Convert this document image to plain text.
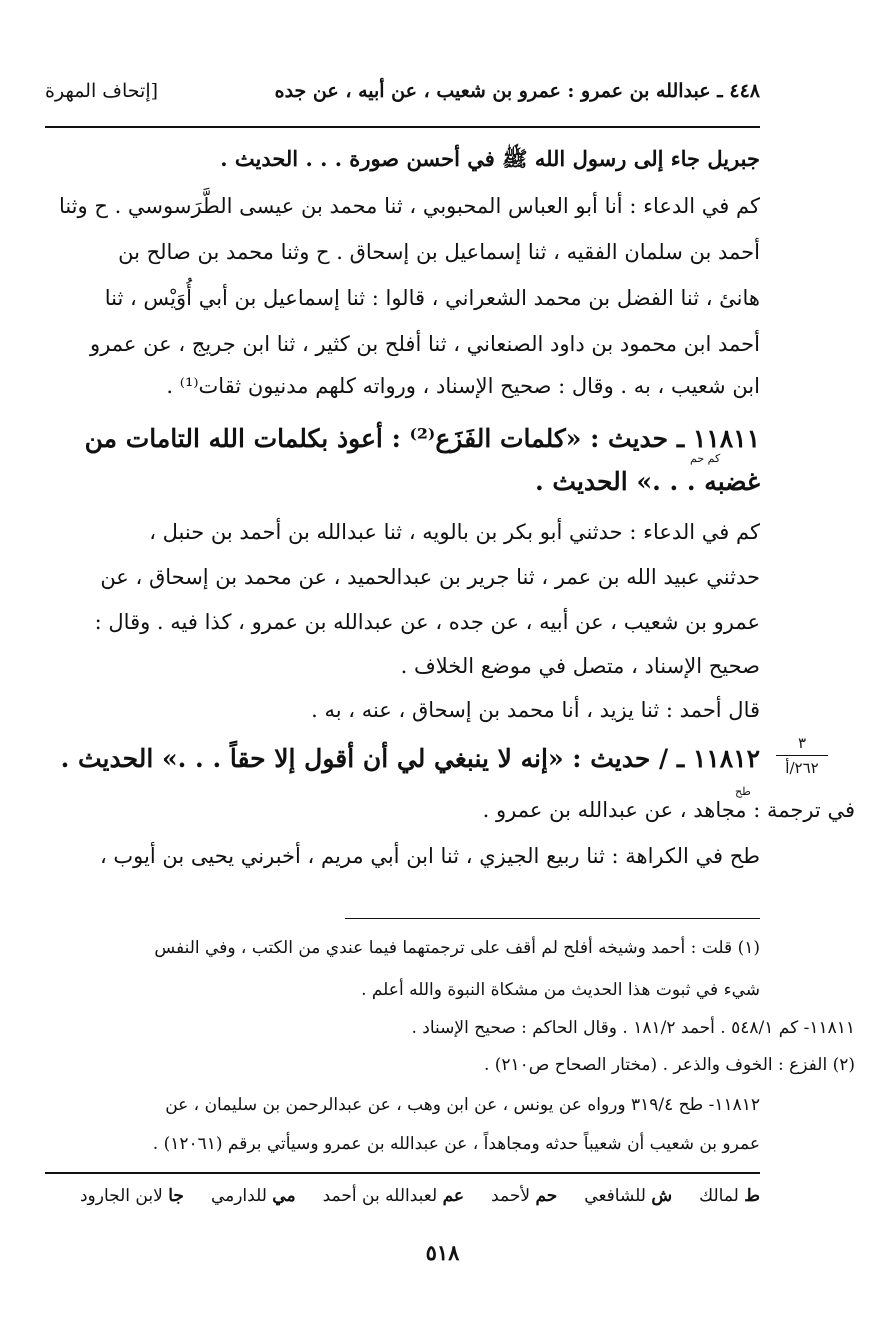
٤٤٨ ـ عبدالله بن عمرو : عمرو بن شعيب ، عن أبيه ، عن جده
[إتحاف المهرة
جبريل جاء إلى رسول الله ﷺ في أحسن صورة . . . الحديث .
كم في الدعاء : أنا أبو العباس المحبوبي ، ثنا محمد بن عيسى الطَّرَسوسي . ح وثنا
أحمد بن سلمان الفقيه ، ثنا إسماعيل بن إسحاق . ح وثنا محمد بن صالح بن
هانئ ، ثنا الفضل بن محمد الشعراني ، قالوا : ثنا إسماعيل بن أبي أُوَيْس ، ثنا
أحمد ابن محمود بن داود الصنعاني ، ثنا أفلح بن كثير ، ثنا ابن جريج ، عن عمرو
ابن شعيب ، به . وقال : صحيح الإسناد ، ورواته كلهم مدنيون ثقات⁽¹⁾ .
١١٨١١ ـ حديث : «كلمات الفَزَع⁽²⁾ : أعوذ بكلمات الله التامات من
كم حم
غضبه . . .» الحديث .
كم في الدعاء : حدثني أبو بكر بن بالويه ، ثنا عبدالله بن أحمد بن حنبل ،
حدثني عبيد الله بن عمر ، ثنا جرير بن عبدالحميد ، عن محمد بن إسحاق ، عن
عمرو بن شعيب ، عن أبيه ، عن جده ، عن عبدالله بن عمرو ، كذا فيه . وقال :
صحيح الإسناد ، متصل في موضع الخلاف .
قال أحمد : ثنا يزيد ، أنا محمد بن إسحاق ، عنه ، به .
١١٨١٢ ـ / حديث : «إنه لا ينبغي لي أن أقول إلا حقاً . . .» الحديث .
طح
في ترجمة : مجاهد ، عن عبدالله بن عمرو .
طح في الكراهة : ثنا ربيع الجيزي ، ثنا ابن أبي مريم ، أخبرني يحيى بن أيوب ،
٣
٢٦٢/أ
(١) قلت : أحمد وشيخه أفلح لم أقف على ترجمتهما فيما عندي من الكتب ، وفي النفس
شيء في ثبوت هذا الحديث من مشكاة النبوة والله أعلم .
١١٨١١- كم ٥٤٨/١ . أحمد ١٨١/٢ . وقال الحاكم : صحيح الإسناد .
(٢) الفزع : الخوف والذعر . (مختار الصحاح ص٢١٠) .
١١٨١٢- طح ٣١٩/٤ ورواه عن يونس ، عن ابن وهب ، عن عبدالرحمن بن سليمان ، عن
عمرو بن شعيب أن شعيباً حدثه ومجاهداً ، عن عبدالله بن عمرو وسيأتي برقم (١٢٠٦١) .
ط لمالك     ش للشافعي     حم لأحمد     عم لعبدالله بن أحمد     مي للدارمي     جا لابن الجارود
٥١٨
